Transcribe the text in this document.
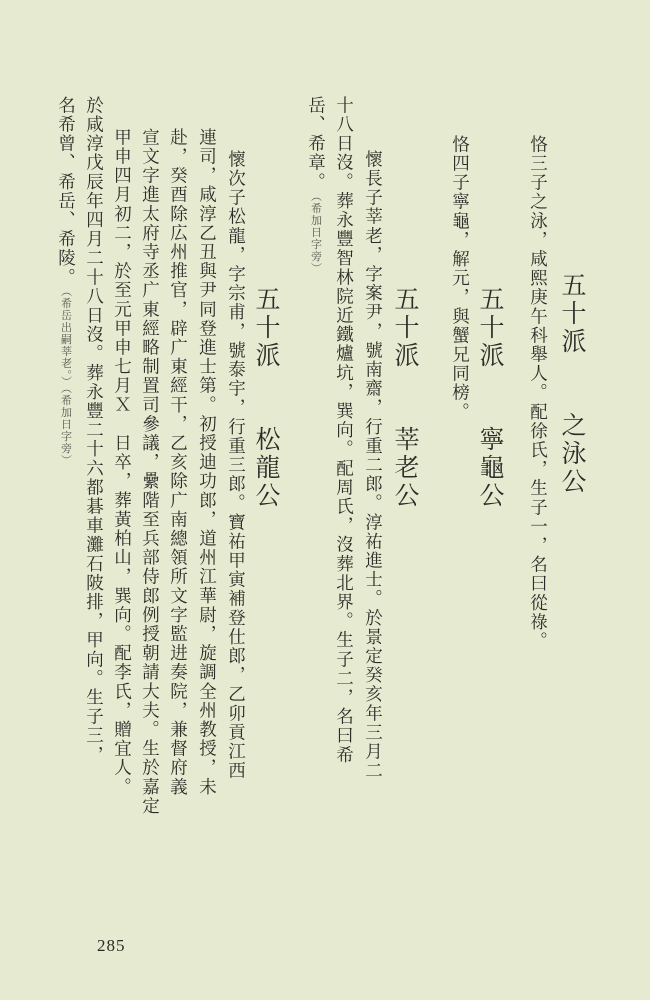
五十派　　之泳公
恪三子之泳，咸熙庚午科舉人。配徐氏，生子一，名曰從祿。
五十派　　寧龜公
恪四子寧龜，解元，與蟹兄同榜。
五十派　　莘老公
懷長子莘老，字案尹，號南齋，行重二郎。淳祐進士。於景定癸亥年三月二
十八日沒。葬永豐智林院近鐵爐坑，巽向。配周氏，沒葬北界。生子二，名曰希
岳、希章。（希加日字旁）
五十派　　松龍公
懷次子松龍，字宗甫，號泰宇，行重三郎。寶祐甲寅補登仕郎，乙卯貢江西
連司，咸淳乙丑與尹同登進士第。初授迪功郎，道州江華尉，旋調全州教授，未
赴，癸酉除広州推官，辟广東經干，乙亥除广南總領所文字監进奏院，兼督府義
宣文字進太府寺丞广東經略制置司參議，纍階至兵部侍郎例授朝請大夫。生於嘉定
甲申四月初二，於至元甲申七月Ｘ　日卒，葬黃柏山，巽向。配李氏，贈宜人。
於咸淳戊辰年四月二十八日沒。葬永豐二十六都碁車灘石陂排，甲向。生子三，
名希曾、希岳、希陵。（希岳出嗣莘老。）（希加日字旁）
285
